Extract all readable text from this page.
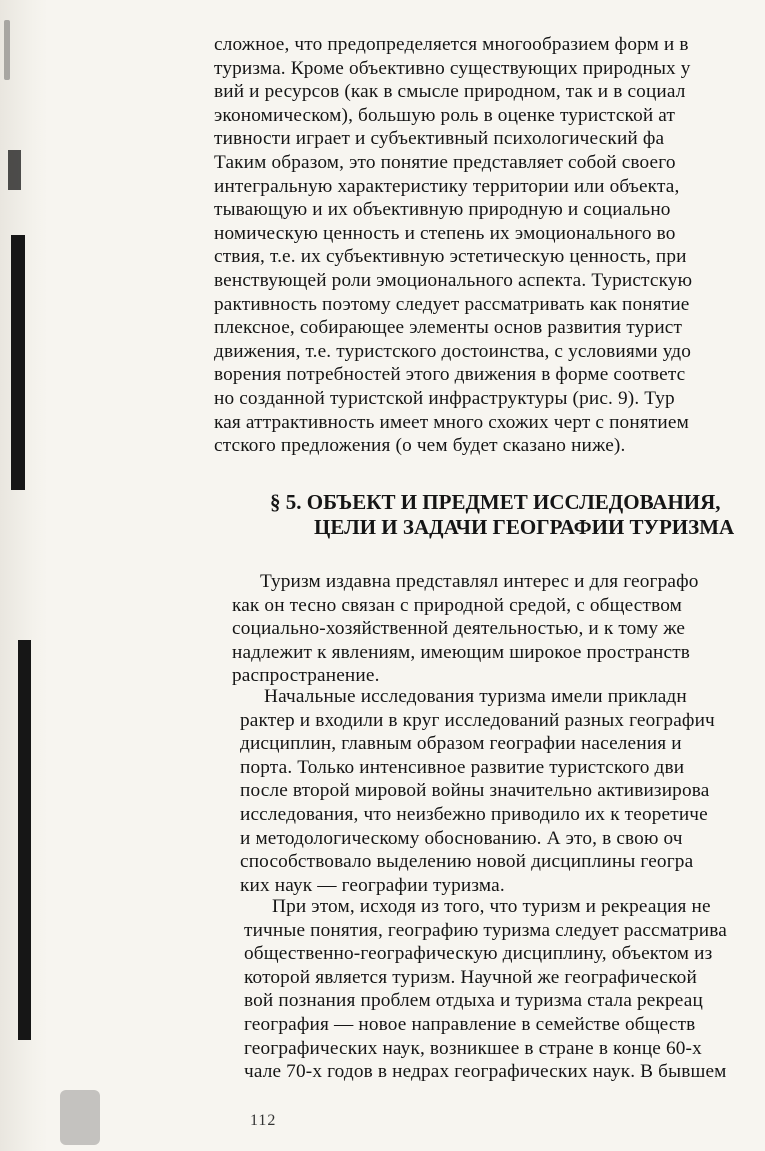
сложное, что предопределяется многообразием форм и в
туризма. Кроме объективно существующих природных у
вий и ресурсов (как в смысле природном, так и в социал
экономическом), большую роль в оценке туристской ат
тивности играет и субъективный психологический фа
Таким образом, это понятие представляет собой своего
интегральную характеристику территории или объекта,
тывающую и их объективную природную и социально
номическую ценность и степень их эмоционального во
ствия, т.е. их субъективную эстетическую ценность, при
венствующей роли эмоционального аспекта. Туристскую
рактивность поэтому следует рассматривать как понятие
плексное, собирающее элементы основ развития турист
движения, т.е. туристского достоинства, с условиями удо
ворения потребностей этого движения в форме соответс
но созданной туристской инфраструктуры (рис. 9). Тур
кая аттрактивность имеет много схожих черт с понятием
стского предложения (о чем будет сказано ниже).
§ 5. ОБЪЕКТ И ПРЕДМЕТ ИССЛЕДОВАНИЯ,
ЦЕЛИ И ЗАДАЧИ ГЕОГРАФИИ ТУРИЗМА
Туризм издавна представлял интерес и для географо
как он тесно связан с природной средой, с обществом
социально-хозяйственной деятельностью, и к тому же
надлежит к явлениям, имеющим широкое пространств
распространение.
Начальные исследования туризма имели прикладн
рактер и входили в круг исследований разных географич
дисциплин, главным образом географии населения и
порта. Только интенсивное развитие туристского дви
после второй мировой войны значительно активизирова
исследования, что неизбежно приводило их к теоретиче
и методологическому обоснованию. А это, в свою оч
способствовало выделению новой дисциплины геогра
ких наук — географии туризма.
При этом, исходя из того, что туризм и рекреация не
тичные понятия, географию туризма следует рассматрива
общественно-географическую дисциплину, объектом из
которой является туризм. Научной же географической
вой познания проблем отдыха и туризма стала рекреац
география — новое направление в семействе обществ
географических наук, возникшее в стране в конце 60-х
чале 70-х годов в недрах географических наук. В бывшем
112
